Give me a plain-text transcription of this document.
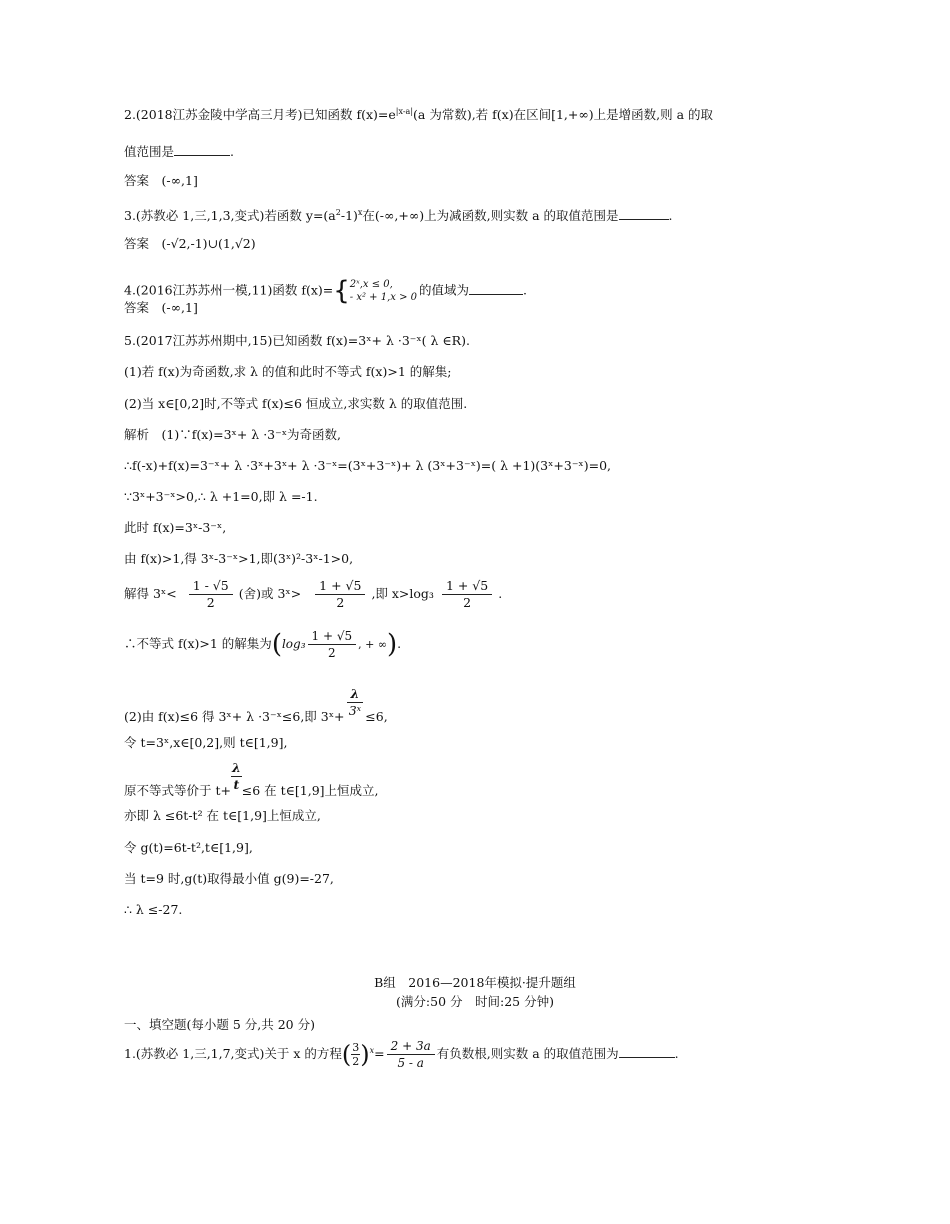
2.(2018江苏金陵中学高三月考)已知函数 $f(x)=e^{|x-a|}(a$ 为常数),若 f(x)在区间[1,+∞)上是增函数,则 a 的取
值范围是	.
答案　(-∞,1]
3.(苏教必 1,三,1,3,变式)若函数 $y=(a^2-1)^x$在(-∞,+∞)上为减函数,则实数 a 的取值范围是	.
答案　(-√2,-1)∪(1,√2)
4.(2016江苏苏州一模,11)函数 f(x)={ 2ˣ,x ≤ 0,
- x² + 1,x > 0 的值域为	.
答案　(-∞,1]
5.(2017江苏苏州期中,15)已知函数 f(x)=3ˣ+ λ ·3⁻ˣ( λ ∈R).
(1)若 f(x)为奇函数,求 λ 的值和此时不等式 f(x)>1 的解集;
(2)当 x∈[0,2]时,不等式 f(x)≤6 恒成立,求实数 λ 的取值范围.
解析　(1)∵f(x)=3ˣ+ λ ·3⁻ˣ为奇函数,
∴f(-x)+f(x)=3⁻ˣ+ λ ·3ˣ+3ˣ+ λ ·3⁻ˣ=(3ˣ+3⁻ˣ)+ λ (3ˣ+3⁻ˣ)=( λ +1)(3ˣ+3⁻ˣ)=0,
∵3ˣ+3⁻ˣ>0,∴ λ +1=0,即 λ =-1.
此时 f(x)=3ˣ-3⁻ˣ,
由 f(x)>1,得 3ˣ-3⁻ˣ>1,即(3ˣ)²-3ˣ-1>0,
解得 3ˣ< $\frac{1 - √5}{2}$ (舍)或 3ˣ> $\frac{1 + √5}{2}$ ,即 $x>\log_3 \frac{1 + √5}{2}$ .
∴不等式 f(x)>1 的解集为($\log_3 \frac{1 + √5}{2}$ , + ∞).
(2)由 f(x)≤6 得 3ˣ+ λ ·3⁻ˣ≤6,即 3ˣ+ $\frac{\lambda}{\text{3ˣ}} \le 6$,
令 t=3ˣ,x∈[0,2],则 t∈[1,9],
原不等式等价于 $t+ \frac{\lambda}{t} \le 6$ 在 t∈[1,9]上恒成立,
亦即 λ ≤6t-t² 在 t∈[1,9]上恒成立,
令 g(t)=6t-t²,t∈[1,9],
当 t=9 时,g(t)取得最小值 g(9)=-27,
∴ λ ≤-27.
B组　2016—2018年模拟·提升题组
(满分:50 分　时间:25 分钟)
一、填空题(每小题 5 分,共 20 分)
1.(苏教必 1,三,1,7,变式)关于 x 的方程( $\frac{3}{2} )^x= \frac{2 + 3a}{5 - a}$ 有负数根,则实数 a 的取值范围为	.
